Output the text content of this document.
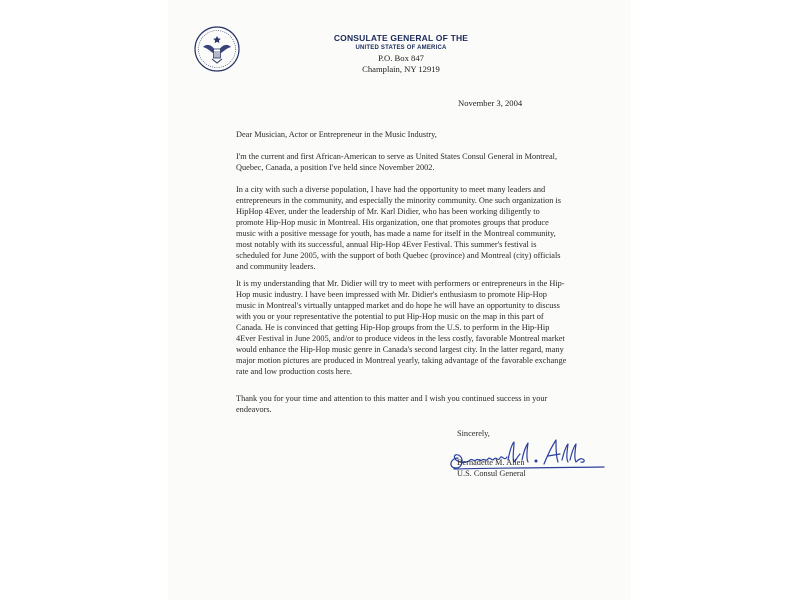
CONSULATE GENERAL OF THE
UNITED STATES OF AMERICA
P.O. Box 847
Champlain, NY 12919
November 3, 2004

Dear Musician, Actor or Entrepreneur in the Music Industry,

I'm the current and first African-American to serve as United States Consul General in Montreal, Quebec, Canada, a position I've held since November 2002.

In a city with such a diverse population, I have had the opportunity to meet many leaders and entrepreneurs in the community, and especially the minority community. One such organization is HipHop 4Ever, under the leadership of Mr. Karl Didier, who has been working diligently to promote Hip-Hop music in Montreal. His organization, one that promotes groups that produce music with a positive message for youth, has made a name for itself in the Montreal community, most notably with its successful, annual Hip-Hop 4Ever Festival. This summer's festival is scheduled for June 2005, with the support of both Quebec (province) and Montreal (city) officials and community leaders.

It is my understanding that Mr. Didier will try to meet with performers or entrepreneurs in the Hip-Hop music industry. I have been impressed with Mr. Didier's enthusiasm to promote Hip-Hop music in Montreal's virtually untapped market and do hope he will have an opportunity to discuss with you or your representative the potential to put Hip-Hop music on the map in this part of Canada. He is convinced that getting Hip-Hop groups from the U.S. to perform in the Hip-Hip 4Ever Festival in June 2005, and/or to produce videos in the less costly, favorable Montreal market would enhance the Hip-Hop music genre in Canada's second largest city. In the latter regard, many major motion pictures are produced in Montreal yearly, taking advantage of the favorable exchange rate and low production costs here.

Thank you for your time and attention to this matter and I wish you continued success in your endeavors.

Sincerely,
Bernadette M. Allen
U.S. Consul General
